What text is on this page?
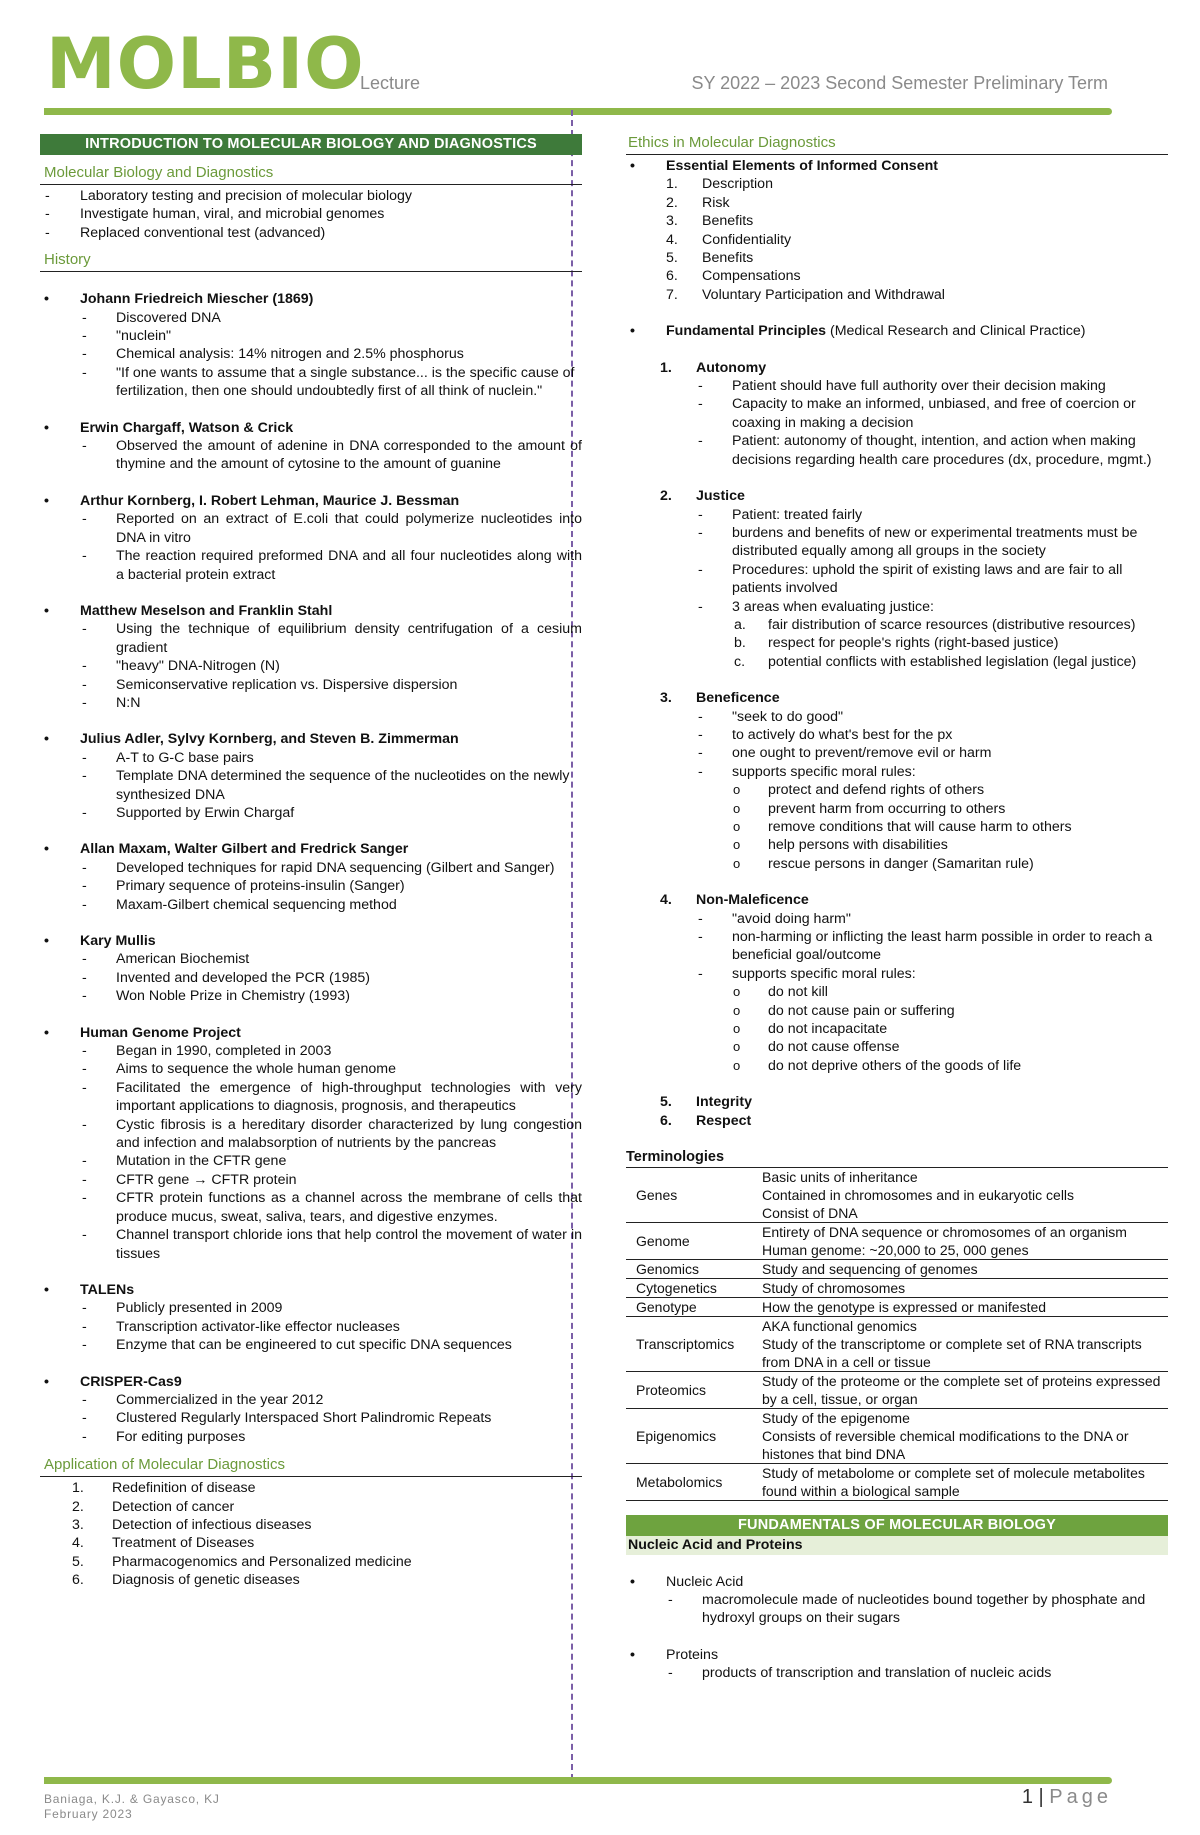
MOLBIO
Lecture	SY 2022 – 2023 Second Semester Preliminary Term
INTRODUCTION TO MOLECULAR BIOLOGY AND DIAGNOSTICS
Molecular Biology and Diagnostics
- Laboratory testing and precision of molecular biology
- Investigate human, viral, and microbial genomes
- Replaced conventional test (advanced)
History
• Johann Friedreich Miescher (1869)
- Discovered DNA
- "nuclein"
- Chemical analysis: 14% nitrogen and 2.5% phosphorus
- "If one wants to assume that a single substance... is the specific cause of fertilization, then one should undoubtedly first of all think of nuclein."
• Erwin Chargaff, Watson & Crick
- Observed the amount of adenine in DNA corresponded to the amount of thymine and the amount of cytosine to the amount of guanine
• Arthur Kornberg, I. Robert Lehman, Maurice J. Bessman
- Reported on an extract of E.coli that could polymerize nucleotides into DNA in vitro
- The reaction required preformed DNA and all four nucleotides along with a bacterial protein extract
• Matthew Meselson and Franklin Stahl
- Using the technique of equilibrium density centrifugation of a cesium gradient
- "heavy" DNA-Nitrogen (N)
- Semiconservative replication vs. Dispersive dispersion
- N:N
• Julius Adler, Sylvy Kornberg, and Steven B. Zimmerman
- A-T to G-C base pairs
- Template DNA determined the sequence of the nucleotides on the newly synthesized DNA
- Supported by Erwin Chargaf
• Allan Maxam, Walter Gilbert and Fredrick Sanger
- Developed techniques for rapid DNA sequencing (Gilbert and Sanger)
- Primary sequence of proteins-insulin (Sanger)
- Maxam-Gilbert chemical sequencing method
• Kary Mullis
- American Biochemist
- Invented and developed the PCR (1985)
- Won Noble Prize in Chemistry (1993)
• Human Genome Project
- Began in 1990, completed in 2003
- Aims to sequence the whole human genome
- Facilitated the emergence of high-throughput technologies with very important applications to diagnosis, prognosis, and therapeutics
- Cystic fibrosis is a hereditary disorder characterized by lung congestion and infection and malabsorption of nutrients by the pancreas
- Mutation in the CFTR gene
- CFTR gene → CFTR protein
- CFTR protein functions as a channel across the membrane of cells that produce mucus, sweat, saliva, tears, and digestive enzymes.
- Channel transport chloride ions that help control the movement of water in tissues
• TALENs
- Publicly presented in 2009
- Transcription activator-like effector nucleases
- Enzyme that can be engineered to cut specific DNA sequences
• CRISPER-Cas9
- Commercialized in the year 2012
- Clustered Regularly Interspaced Short Palindromic Repeats
- For editing purposes
Application of Molecular Diagnostics
1. Redefinition of disease
2. Detection of cancer
3. Detection of infectious diseases
4. Treatment of Diseases
5. Pharmacogenomics and Personalized medicine
6. Diagnosis of genetic diseases
Ethics in Molecular Diagnostics
• Essential Elements of Informed Consent
1. Description
2. Risk
3. Benefits
4. Confidentiality
5. Benefits
6. Compensations
7. Voluntary Participation and Withdrawal
• Fundamental Principles (Medical Research and Clinical Practice)
1. Autonomy
- Patient should have full authority over their decision making
- Capacity to make an informed, unbiased, and free of coercion or coaxing in making a decision
- Patient: autonomy of thought, intention, and action when making decisions regarding health care procedures (dx, procedure, mgmt.)
2. Justice
- Patient: treated fairly
- burdens and benefits of new or experimental treatments must be distributed equally among all groups in the society
- Procedures: uphold the spirit of existing laws and are fair to all patients involved
- 3 areas when evaluating justice:
a. fair distribution of scarce resources (distributive resources)
b. respect for people's rights (right-based justice)
c. potential conflicts with established legislation (legal justice)
3. Beneficence
- "seek to do good"
- to actively do what's best for the px
- one ought to prevent/remove evil or harm
- supports specific moral rules:
o protect and defend rights of others
o prevent harm from occurring to others
o remove conditions that will cause harm to others
o help persons with disabilities
o rescue persons in danger (Samaritan rule)
4. Non-Maleficence
- "avoid doing harm"
- non-harming or inflicting the least harm possible in order to reach a beneficial goal/outcome
- supports specific moral rules:
o do not kill
o do not cause pain or suffering
o do not incapacitate
o do not cause offense
o do not deprive others of the goods of life
5. Integrity
6. Respect
Terminologies
Genes	Basic units of inheritance
Contained in chromosomes and in eukaryotic cells
Consist of DNA

Genome	Entirety of DNA sequence or chromosomes of an organism
Human genome: ~20,000 to 25, 000 genes

Genomics	Study and sequencing of genomes

Cytogenetics	Study of chromosomes

Genotype	How the genotype is expressed or manifested

Transcriptomics	AKA functional genomics
Study of the transcriptome or complete set of RNA transcripts from DNA in a cell or tissue

Proteomics	Study of the proteome or the complete set of proteins expressed by a cell, tissue, or organ

Epigenomics	Study of the epigenome
Consists of reversible chemical modifications to the DNA or histones that bind DNA

Metabolomics	Study of metabolome or complete set of molecule metabolites found within a biological sample
FUNDAMENTALS OF MOLECULAR BIOLOGY
Nucleic Acid and Proteins
• Nucleic Acid
- macromolecule made of nucleotides bound together by phosphate and hydroxyl groups on their sugars
• Proteins
- products of transcription and translation of nucleic acids
Baniaga, K.J. & Gayasco, KJ
February 2023
1 | Page
